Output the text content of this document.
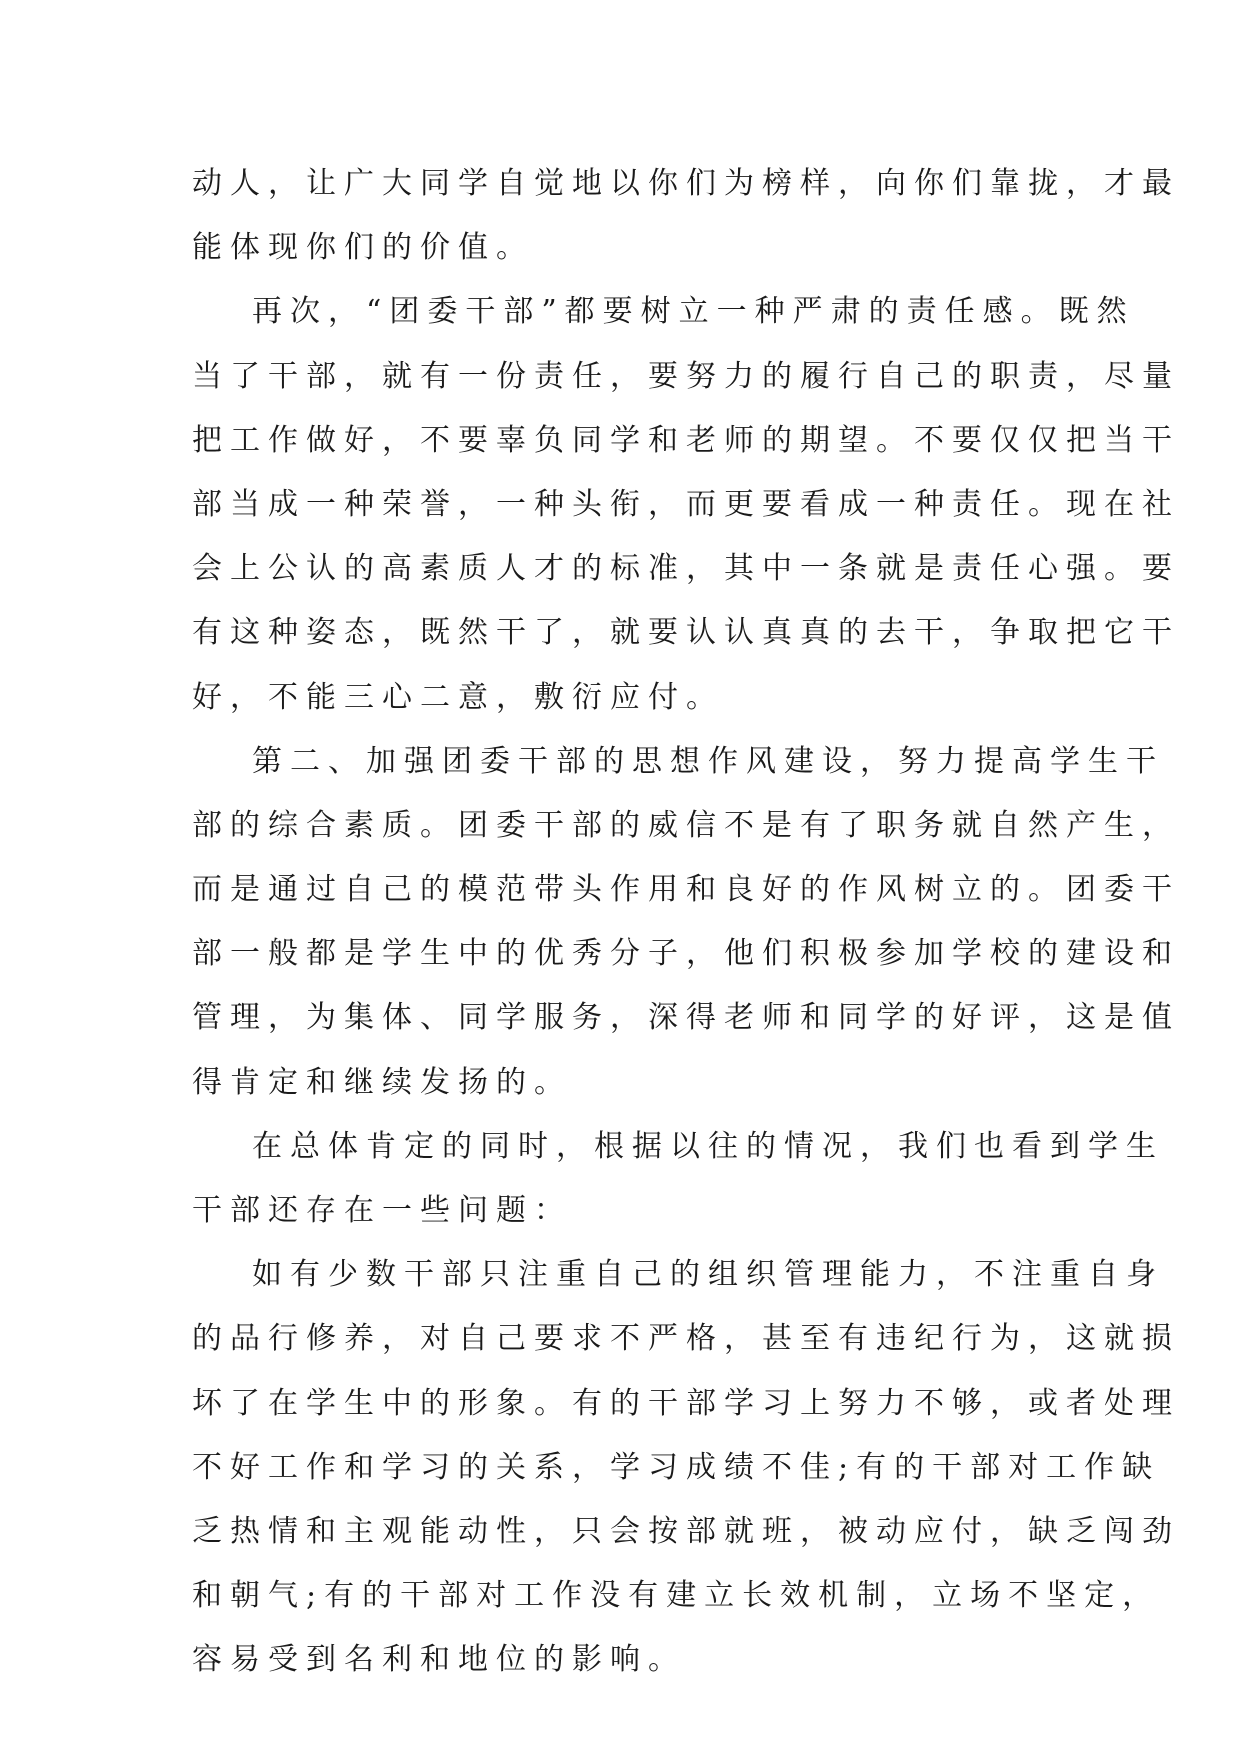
动人，让广大同学自觉地以你们为榜样，向你们靠拢，才最
能体现你们的价值。
再次，“团委干部”都要树立一种严肃的责任感。既然
当了干部，就有一份责任，要努力的履行自己的职责，尽量
把工作做好，不要辜负同学和老师的期望。不要仅仅把当干
部当成一种荣誉，一种头衔，而更要看成一种责任。现在社
会上公认的高素质人才的标准，其中一条就是责任心强。要
有这种姿态，既然干了，就要认认真真的去干，争取把它干
好，不能三心二意，敷衍应付。
第二、加强团委干部的思想作风建设，努力提高学生干
部的综合素质。团委干部的威信不是有了职务就自然产生，
而是通过自己的模范带头作用和良好的作风树立的。团委干
部一般都是学生中的优秀分子，他们积极参加学校的建设和
管理，为集体、同学服务，深得老师和同学的好评，这是值
得肯定和继续发扬的。
在总体肯定的同时，根据以往的情况，我们也看到学生
干部还存在一些问题：
如有少数干部只注重自己的组织管理能力，不注重自身
的品行修养，对自己要求不严格，甚至有违纪行为，这就损
坏了在学生中的形象。有的干部学习上努力不够，或者处理
不好工作和学习的关系，学习成绩不佳;有的干部对工作缺
乏热情和主观能动性，只会按部就班，被动应付，缺乏闯劲
和朝气;有的干部对工作没有建立长效机制，立场不坚定，
容易受到名利和地位的影响。
